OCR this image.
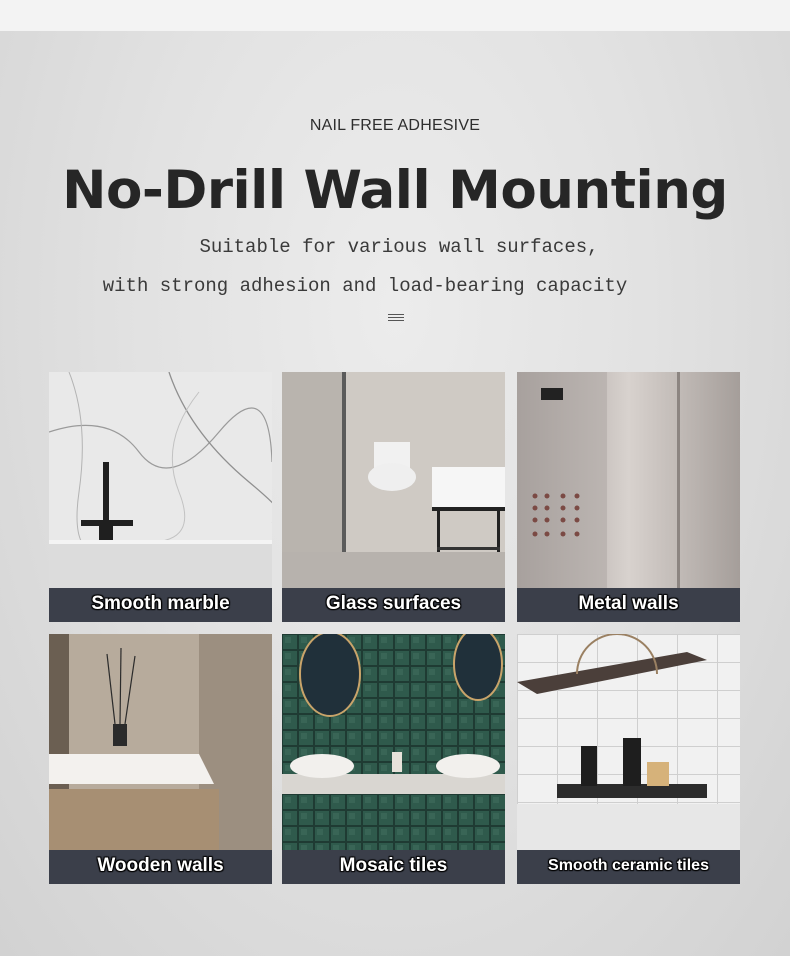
NAIL FREE ADHESIVE
No-Drill Wall Mounting
Suitable for various wall surfaces,
with strong adhesion and load-bearing capacity
Smooth marble	Glass surfaces	Metal walls
Wooden walls	Mosaic tiles	Smooth ceramic tiles
